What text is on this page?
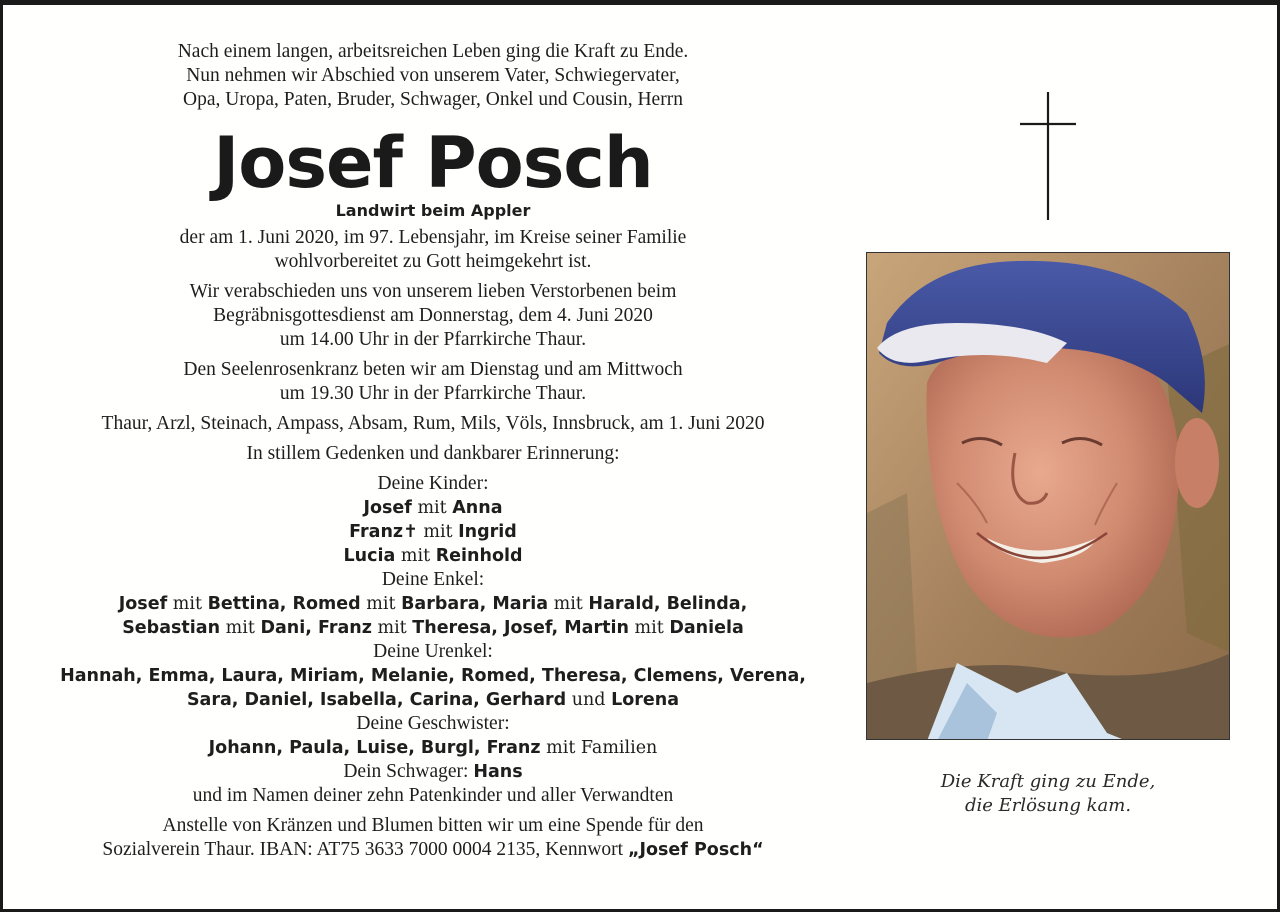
Nach einem langen, arbeitsreichen Leben ging die Kraft zu Ende.

Nun nehmen wir Abschied von unserem Vater, Schwiegervater,

Opa, Uropa, Paten, Bruder, Schwager, Onkel und Cousin, Herrn

Josef Posch

Landwirt beim Appler

der am 1. Juni 2020, im 97. Lebensjahr, im Kreise seiner Familie

wohlvorbereitet zu Gott heimgekehrt ist.

Wir verabschieden uns von unserem lieben Verstorbenen beim

Begräbnisgottesdienst am Donnerstag, dem 4. Juni 2020

um 14.00 Uhr in der Pfarrkirche Thaur.

Den Seelenrosenkranz beten wir am Dienstag und am Mittwoch

um 19.30 Uhr in der Pfarrkirche Thaur.

Thaur, Arzl, Steinach, Ampass, Absam, Rum, Mils, Völs, Innsbruck, am 1. Juni 2020

In stillem Gedenken und dankbarer Erinnerung:

Deine Kinder:

Josef mit Anna

Franz✝ mit Ingrid

Lucia mit Reinhold

Deine Enkel:

Josef mit Bettina, Romed mit Barbara, Maria mit Harald, Belinda,

Sebastian mit Dani, Franz mit Theresa, Josef, Martin mit Daniela

Deine Urenkel:

Hannah, Emma, Laura, Miriam, Melanie, Romed, Theresa, Clemens, Verena,

Sara, Daniel, Isabella, Carina, Gerhard und Lorena

Deine Geschwister:

Johann, Paula, Luise, Burgl, Franz mit Familien

Dein Schwager: Hans

und im Namen deiner zehn Patenkinder und aller Verwandten

Anstelle von Kränzen und Blumen bitten wir um eine Spende für den

Sozialverein Thaur. IBAN: AT75 3633 7000 0004 2135, Kennwort „Josef Posch“

Die Kraft ging zu Ende,

die Erlösung kam.
